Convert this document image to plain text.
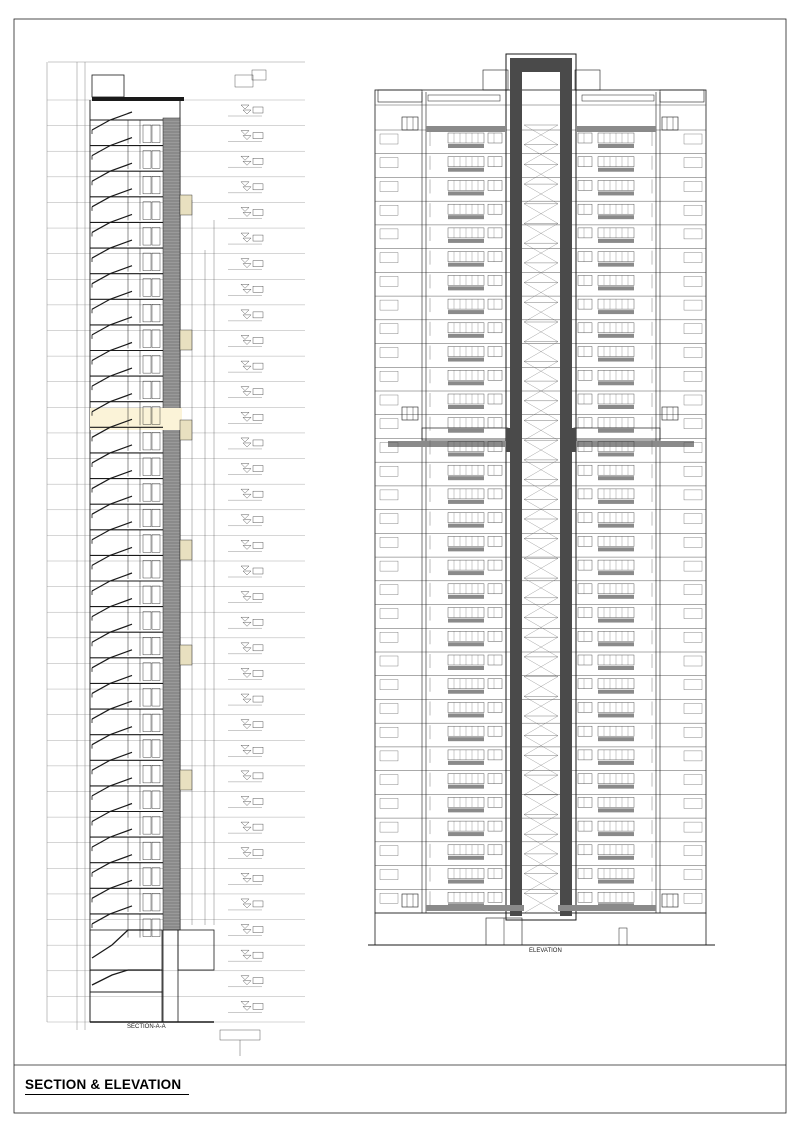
SECTION-A-A
ELEVATION
SECTION & ELEVATION
